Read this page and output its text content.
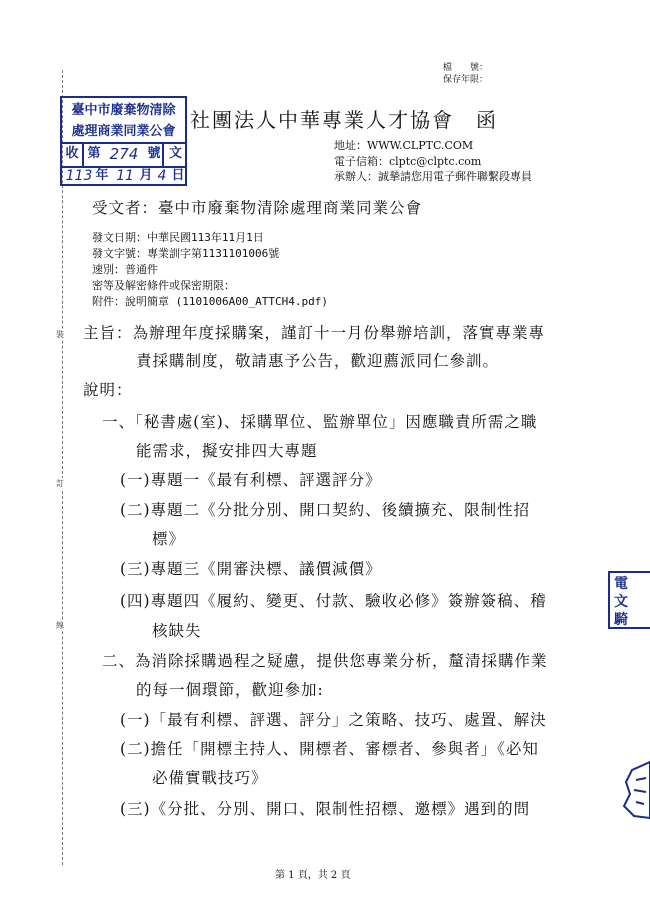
檔　　號：
保存年限：
裝
訂
線
臺中市廢棄物清除
處理商業同業公會
收 第 274 號 文
113 年 11 月 4 日
社團法人中華專業人才協會　函
地址：WWW.CLPTC.COM
電子信箱：clptc@clptc.com
承辦人：誠摯請您用電子郵件聯繫段專員
受文者：臺中市廢棄物清除處理商業同業公會
發文日期：中華民國113年11月1日
發文字號：專業訓字第1131101006號
速別：普通件
密等及解密條件或保密期限：
附件：說明簡章 (1101006A00_ATTCH4.pdf)
主旨：為辦理年度採購案，謹訂十一月份舉辦培訓，落實專業專
責採購制度，敬請惠予公告，歡迎薦派同仁參訓。
說明：
一、「秘書處(室)、採購單位、監辦單位」因應職責所需之職
能需求，擬安排四大專題
(一)專題一《最有利標、評選評分》
(二)專題二《分批分別、開口契約、後續擴充、限制性招
標》
(三)專題三《開審決標、議價減價》
(四)專題四《履約、變更、付款、驗收必修》簽辦簽稿、稽
核缺失
二、為消除採購過程之疑慮，提供您專業分析，釐清採購作業
的每一個環節，歡迎參加:
(一)「最有利標、評選、評分」之策略、技巧、處置、解決
(二)擔任「開標主持人、開標者、審標者、參與者」《必知
必備實戰技巧》
(三)《分批、分別、開口、限制性招標、邀標》遇到的問
電
文
騎
第 1 頁，共 2 頁
